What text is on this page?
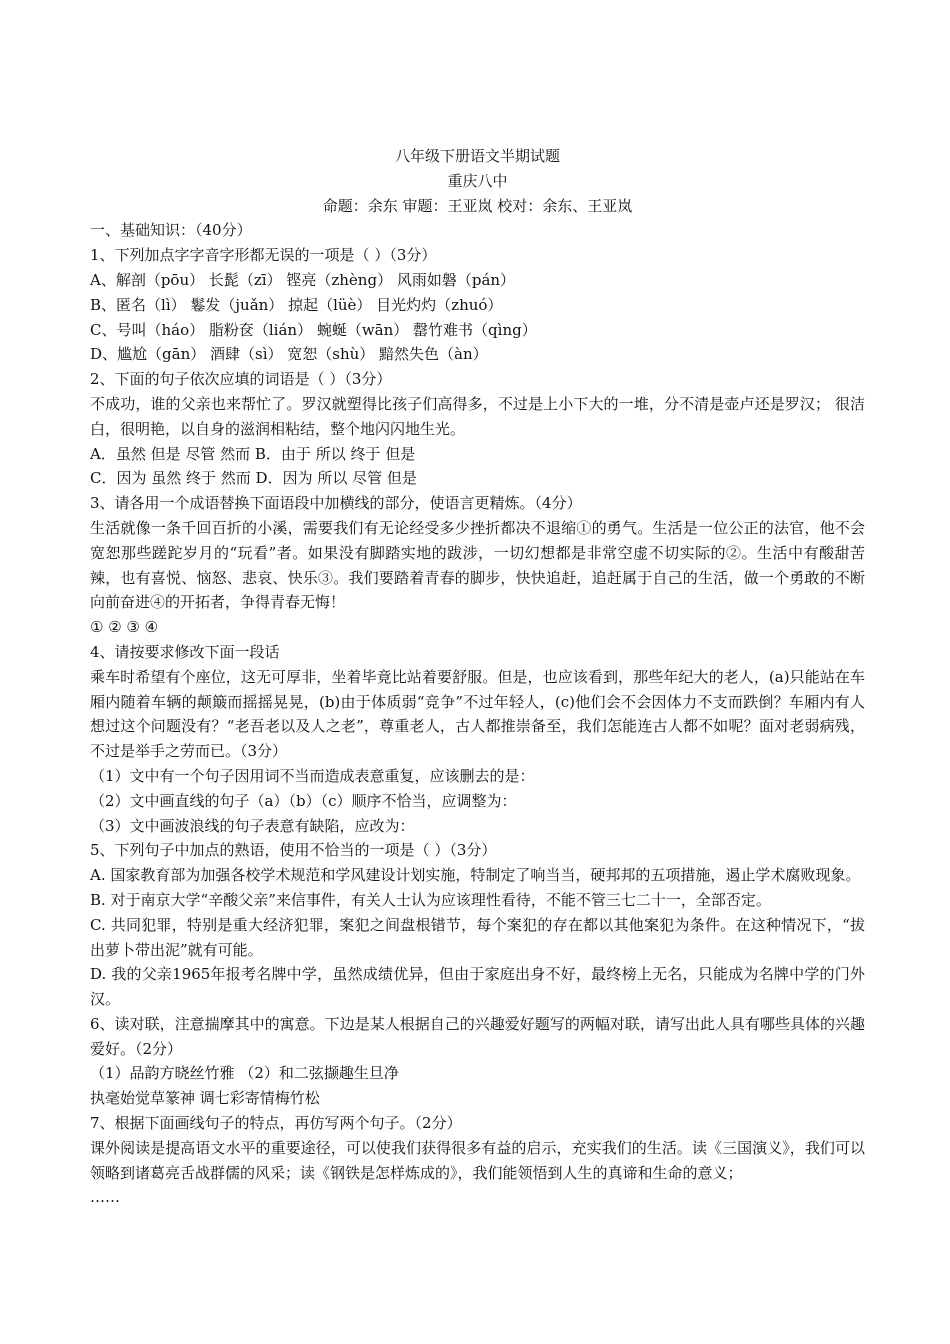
八年级下册语文半期试题
重庆八中
命题：余东 审题：王亚岚 校对：余东、王亚岚
一、基础知识：（40分）
1、下列加点字字音字形都无误的一项是（ ）（3分）
A、解剖（pōu） 长髭（zī） 铿亮（zhèng） 风雨如磐（pán）
B、匿名（lì） 鬈发（juǎn） 掠起（lüè） 目光灼灼（zhuó）
C、号叫（háo） 脂粉奁（lián） 蜿蜒（wān） 罄竹难书（qìng）
D、尴尬（gān） 酒肆（sì） 宽恕（shù） 黯然失色（àn）
2、下面的句子依次应填的词语是（ ）（3分）
不成功，谁的父亲也来帮忙了。罗汉就塑得比孩子们高得多，不过是上小下大的一堆，分不清是壶卢还是罗汉； 很洁白，很明艳，以自身的滋润相粘结，整个地闪闪地生光。
A．虽然 但是 尽管 然而 B．由于 所以 终于 但是
C．因为 虽然 终于 然而 D．因为 所以 尽管 但是
3、请各用一个成语替换下面语段中加横线的部分，使语言更精炼。（4分）
生活就像一条千回百折的小溪，需要我们有无论经受多少挫折都决不退缩①的勇气。生活是一位公正的法官，他不会宽恕那些蹉跎岁月的“玩看”者。如果没有脚踏实地的跋涉，一切幻想都是非常空虚不切实际的②。生活中有酸甜苦辣，也有喜悦、恼怒、悲哀、快乐③。我们要踏着青春的脚步，快快追赶，追赶属于自己的生活，做一个勇敢的不断向前奋进④的开拓者，争得青春无悔！
① ② ③ ④
4、请按要求修改下面一段话
乘车时希望有个座位，这无可厚非，坐着毕竟比站着要舒服。但是，也应该看到，那些年纪大的老人，(a)只能站在车厢内随着车辆的颠簸而摇摇晃晃，(b)由于体质弱“竞争”不过年轻人，(c)他们会不会因体力不支而跌倒？车厢内有人想过这个问题没有？“老吾老以及人之老”，尊重老人，古人都推崇备至，我们怎能连古人都不如呢？面对老弱病残，不过是举手之劳而已。（3分）
（1）文中有一个句子因用词不当而造成表意重复，应该删去的是：
（2）文中画直线的句子（a）（b）（c）顺序不恰当，应调整为：
（3）文中画波浪线的句子表意有缺陷，应改为：
5、下列句子中加点的熟语，使用不恰当的一项是（ ）（3分）
A. 国家教育部为加强各校学术规范和学风建设计划实施，特制定了响当当，硬邦邦的五项措施，遏止学术腐败现象。
B. 对于南京大学“辛酸父亲”来信事件，有关人士认为应该理性看待，不能不管三七二十一，全部否定。
C. 共同犯罪，特别是重大经济犯罪，案犯之间盘根错节，每个案犯的存在都以其他案犯为条件。在这种情况下，“拔出萝卜带出泥”就有可能。
D. 我的父亲1965年报考名牌中学，虽然成绩优异，但由于家庭出身不好，最终榜上无名，只能成为名牌中学的门外汉。
6、读对联，注意揣摩其中的寓意。下边是某人根据自己的兴趣爱好题写的两幅对联，请写出此人具有哪些具体的兴趣爱好。（2分）
（1）品韵方晓丝竹雅 （2）和二弦撷趣生旦净
执毫始觉草篆神 调七彩寄情梅竹松
7、根据下面画线句子的特点，再仿写两个句子。（2分）
课外阅读是提高语文水平的重要途径，可以使我们获得很多有益的启示，充实我们的生活。读《三国演义》，我们可以领略到诸葛亮舌战群儒的风采；读《钢铁是怎样炼成的》，我们能领悟到人生的真谛和生命的意义；
……
